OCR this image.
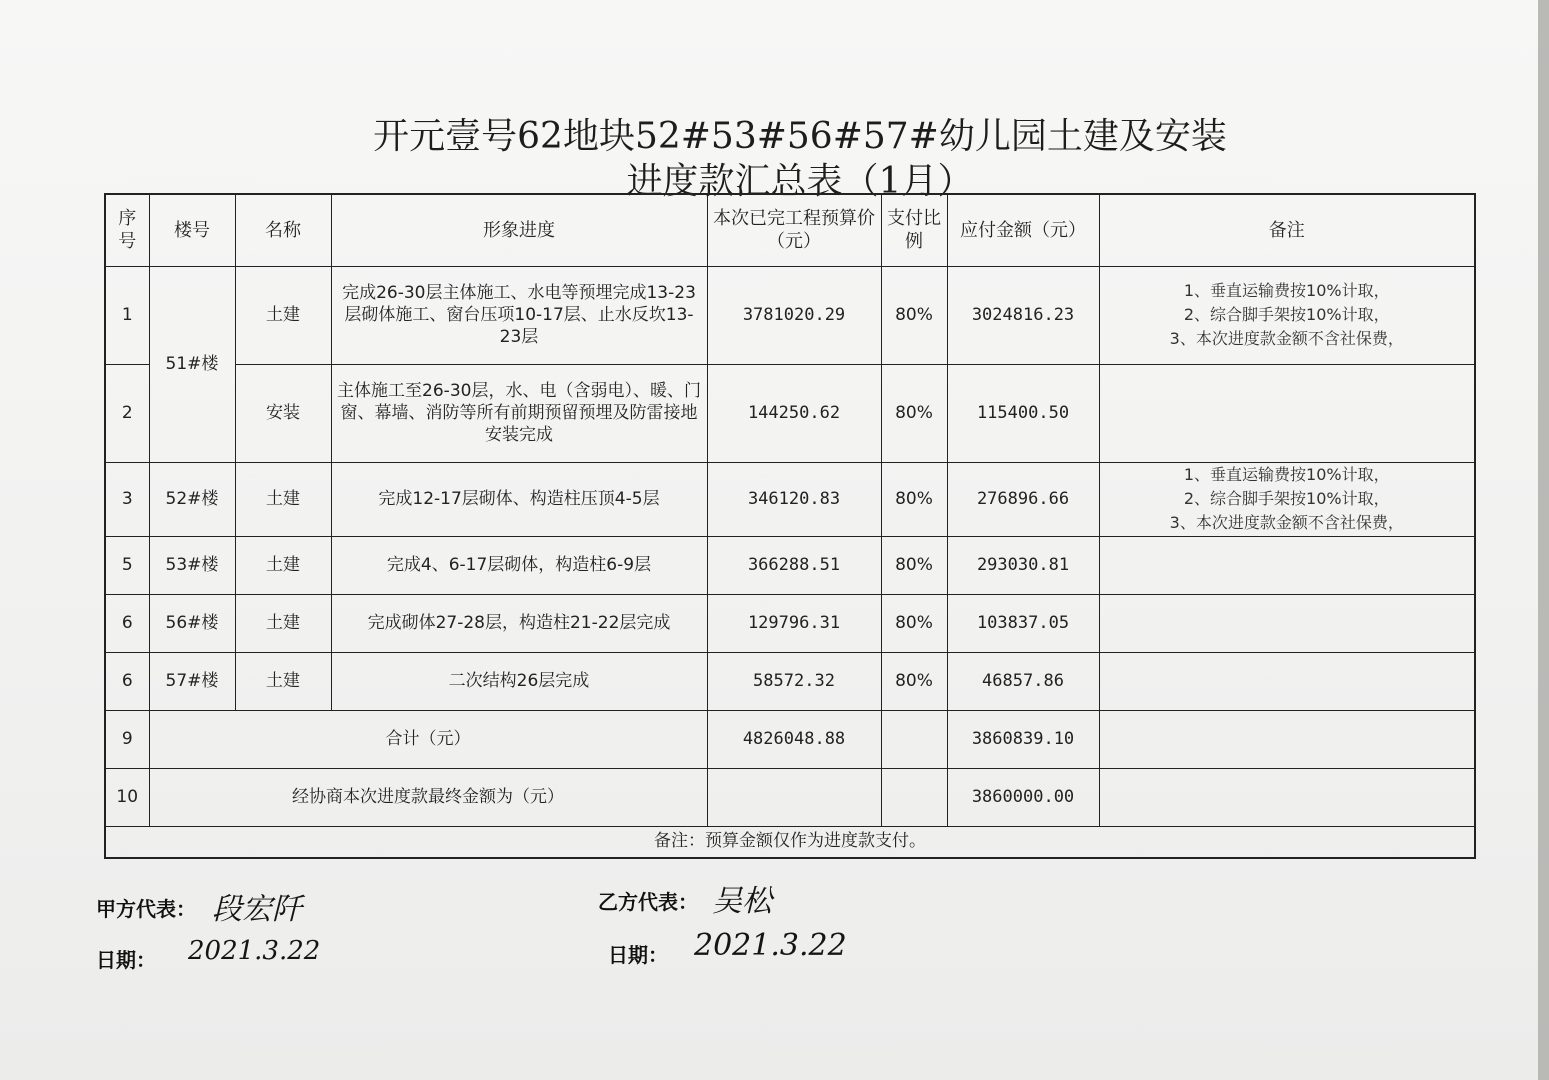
开元壹号62地块52#53#56#57#幼儿园土建及安装
进度款汇总表（1月）
序号	楼号	名称	形象进度	本次已完工程预算价（元）	支付比例	应付金额（元）	备注
1	51#楼	土建	完成26-30层主体施工、水电等预埋完成13-23层砌体施工、窗台压项10-17层、止水反坎13-23层	3781020.29	80%	3024816.23	1、垂直运输费按10%计取，
2、综合脚手架按10%计取，
3、本次进度款金额不含社保费，

2		安装	主体施工至26-30层，水、电（含弱电）、暖、门窗、幕墙、消防等所有前期预留预埋及防雷接地安装完成	144250.62	80%	115400.50	
3	52#楼	土建	完成12-17层砌体、构造柱压顶4-5层	346120.83	80%	276896.66	1、垂直运输费按10%计取，
2、综合脚手架按10%计取，
3、本次进度款金额不含社保费，

5	53#楼	土建	完成4、6-17层砌体，构造柱6-9层	366288.51	80%	293030.81	
6	56#楼	土建	完成砌体27-28层，构造柱21-22层完成	129796.31	80%	103837.05	
6	57#楼	土建	二次结构26层完成	58572.32	80%	46857.86	
9	合计（元）			4826048.88		3860839.10	
10	经协商本次进度款最终金额为（元）					3860000.00	
备注：预算金额仅作为进度款支付。							
甲方代表： 段宏阡	乙方代表： 吴松
日期： 2021.3.22	日期： 2021.3.22
